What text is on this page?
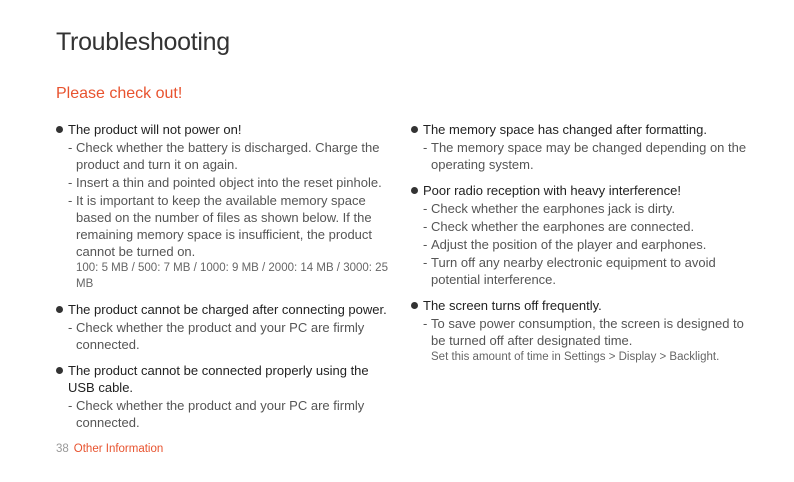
Troubleshooting
Please check out!
The product will not power on!
- Check whether the battery is discharged. Charge the product and turn it on again.
- Insert a thin and pointed object into the reset pinhole.
- It is important to keep the available memory space based on the number of files as shown below. If the remaining memory space is insufficient, the product cannot be turned on.
100: 5 MB / 500: 7 MB / 1000: 9 MB / 2000: 14 MB / 3000: 25 MB
The product cannot be charged after connecting power.
- Check whether the product and your PC are firmly connected.
The product cannot be connected properly using the USB cable.
- Check whether the product and your PC are firmly connected.
The memory space has changed after formatting.
- The memory space may be changed depending on the operating system.
Poor radio reception with heavy interference!
- Check whether the earphones jack is dirty.
- Check whether the earphones are connected.
- Adjust the position of the player and earphones.
- Turn off any nearby electronic equipment to avoid potential interference.
The screen turns off frequently.
- To save power consumption, the screen is designed to be turned off after designated time.
Set this amount of time in Settings > Display > Backlight.
38 Other Information
